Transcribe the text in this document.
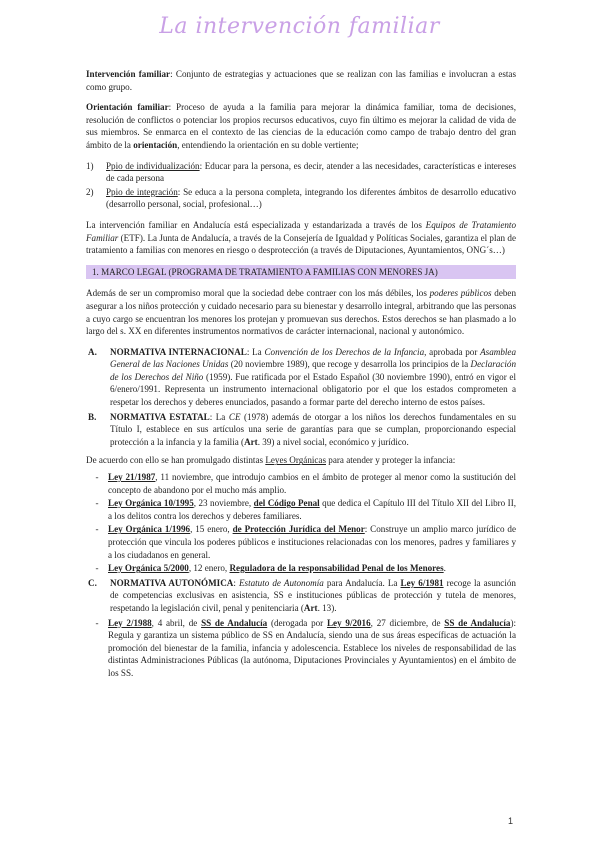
La intervención familiar

Intervención familiar: Conjunto de estrategias y actuaciones que se realizan con las familias e involucran a estas como grupo.

Orientación familiar: Proceso de ayuda a la familia para mejorar la dinámica familiar, toma de decisiones, resolución de conflictos o potenciar los propios recursos educativos, cuyo fin último es mejorar la calidad de vida de sus miembros. Se enmarca en el contexto de las ciencias de la educación como campo de trabajo dentro del gran ámbito de la orientación, entendiendo la orientación en su doble vertiente;

1)	Ppio de individualización: Educar para la persona, es decir, atender a las necesidades, características e intereses de cada persona
2)	Ppio de integración: Se educa a la persona completa, integrando los diferentes ámbitos de desarrollo educativo (desarrollo personal, social, profesional…)

La intervención familiar en Andalucía está especializada y estandarizada a través de los Equipos de Tratamiento Familiar (ETF). La Junta de Andalucía, a través de la Consejería de Igualdad y Políticas Sociales, garantiza el plan de tratamiento a familias con menores en riesgo o desprotección (a través de Diputaciones, Ayuntamientos, ONG´s…)

1. MARCO LEGAL (PROGRAMA DE TRATAMIENTO A FAMILIAS CON MENORES JA)

Además de ser un compromiso moral que la sociedad debe contraer con los más débiles, los poderes públicos deben asegurar a los niños protección y cuidado necesario para su bienestar y desarrollo integral, arbitrando que las personas a cuyo cargo se encuentran los menores los protejan y promuevan sus derechos. Estos derechos se han plasmado a lo largo del s. XX en diferentes instrumentos normativos de carácter internacional, nacional y autonómico.

A.	NORMATIVA INTERNACIONAL: La Convención de los Derechos de la Infancia, aprobada por Asamblea General de las Naciones Unidas (20 noviembre 1989), que recoge y desarrolla los principios de la Declaración de los Derechos del Niño (1959). Fue ratificada por el Estado Español (30 noviembre 1990), entró en vigor el 6/enero/1991. Representa un instrumento internacional obligatorio por el que los estados comprometen a respetar los derechos y deberes enunciados, pasando a formar parte del derecho interno de estos países.
B.	NORMATIVA ESTATAL: La CE (1978) además de otorgar a los niños los derechos fundamentales en su Título I, establece en sus artículos una serie de garantías para que se cumplan, proporcionando especial protección a la infancia y la familia (Art. 39) a nivel social, económico y jurídico.

De acuerdo con ello se han promulgado distintas Leyes Orgánicas para atender y proteger la infancia:

-	Ley 21/1987, 11 noviembre, que introdujo cambios en el ámbito de proteger al menor como la sustitución del concepto de abandono por el mucho más amplio.
-	Ley Orgánica 10/1995, 23 noviembre, del Código Penal que dedica el Capítulo III del Título XII del Libro II, a los delitos contra los derechos y deberes familiares.
-	Ley Orgánica 1/1996, 15 enero, de Protección Jurídica del Menor: Construye un amplio marco jurídico de protección que vincula los poderes públicos e instituciones relacionadas con los menores, padres y familiares y a los ciudadanos en general.
-	Ley Orgánica 5/2000, 12 enero, Reguladora de la responsabilidad Penal de los Menores.
C.	NORMATIVA AUTONÓMICA: Estatuto de Autonomía para Andalucía. La Ley 6/1981 recoge la asunción de competencias exclusivas en asistencia, SS e instituciones públicas de protección y tutela de menores, respetando la legislación civil, penal y penitenciaria (Art. 13).
-	Ley 2/1988, 4 abril, de SS de Andalucía (derogada por Ley 9/2016, 27 diciembre, de SS de Andalucía): Regula y garantiza un sistema público de SS en Andalucía, siendo una de sus áreas específicas de actuación la promoción del bienestar de la familia, infancia y adolescencia. Establece los niveles de responsabilidad de las distintas Administraciones Públicas (la autónoma, Diputaciones Provinciales y Ayuntamientos) en el ámbito de los SS.
1
